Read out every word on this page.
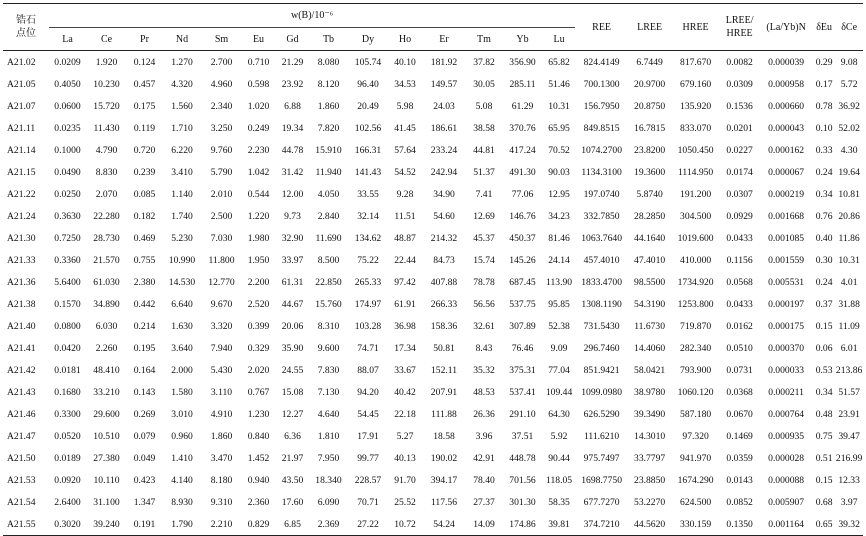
锆石
点位	w(B)/10⁻⁶														REE	LREE	HREE	LREE/
HREE	(La/Yb)N	δEu	δCe
	La	Ce	Pr	Nd	Sm	Eu	Gd	Tb	Dy	Ho	Er	Tm	Yb	Lu							
A21.02	0.0209	1.920	0.124	1.270	2.700	0.710	21.29	8.080	105.74	40.10	181.92	37.82	356.90	65.82	824.4149	6.7449	817.670	0.0082	0.000039	0.29	9.08
A21.05	0.4050	10.230	0.457	4.320	4.960	0.598	23.92	8.120	96.40	34.53	149.57	30.05	285.11	51.46	700.1300	20.9700	679.160	0.0309	0.000958	0.17	5.72
A21.07	0.0600	15.720	0.175	1.560	2.340	1.020	6.88	1.860	20.49	5.98	24.03	5.08	61.29	10.31	156.7950	20.8750	135.920	0.1536	0.000660	0.78	36.92
A21.11	0.0235	11.430	0.119	1.710	3.250	0.249	19.34	7.820	102.56	41.45	186.61	38.58	370.76	65.95	849.8515	16.7815	833.070	0.0201	0.000043	0.10	52.02
A21.14	0.1000	4.790	0.720	6.220	9.760	2.230	44.78	15.910	166.31	57.64	233.24	44.81	417.24	70.52	1074.2700	23.8200	1050.450	0.0227	0.000162	0.33	4.30
A21.15	0.0490	8.830	0.239	3.410	5.790	1.042	31.42	11.940	141.43	54.52	242.94	51.37	491.30	90.03	1134.3100	19.3600	1114.950	0.0174	0.000067	0.24	19.64
A21.22	0.0250	2.070	0.085	1.140	2.010	0.544	12.00	4.050	33.55	9.28	34.90	7.41	77.06	12.95	197.0740	5.8740	191.200	0.0307	0.000219	0.34	10.81
A21.24	0.3630	22.280	0.182	1.740	2.500	1.220	9.73	2.840	32.14	11.51	54.60	12.69	146.76	34.23	332.7850	28.2850	304.500	0.0929	0.001668	0.76	20.86
A21.30	0.7250	28.730	0.469	5.230	7.030	1.980	32.90	11.690	134.62	48.87	214.32	45.37	450.37	81.46	1063.7640	44.1640	1019.600	0.0433	0.001085	0.40	11.86
A21.33	0.3360	21.570	0.755	10.990	11.800	1.950	33.97	8.500	75.22	22.44	84.73	15.74	145.26	24.14	457.4010	47.4010	410.000	0.1156	0.001559	0.30	10.31
A21.36	5.6400	61.030	2.380	14.530	12.770	2.200	61.31	22.850	265.33	97.42	407.88	78.78	687.45	113.90	1833.4700	98.5500	1734.920	0.0568	0.005531	0.24	4.01
A21.38	0.1570	34.890	0.442	6.640	9.670	2.520	44.67	15.760	174.97	61.91	266.33	56.56	537.75	95.85	1308.1190	54.3190	1253.800	0.0433	0.000197	0.37	31.88
A21.40	0.0800	6.030	0.214	1.630	3.320	0.399	20.06	8.310	103.28	36.98	158.36	32.61	307.89	52.38	731.5430	11.6730	719.870	0.0162	0.000175	0.15	11.09
A21.41	0.0420	2.260	0.195	3.640	7.940	0.329	35.90	9.600	74.71	17.34	50.81	8.43	76.46	9.09	296.7460	14.4060	282.340	0.0510	0.000370	0.06	6.01
A21.42	0.0181	48.410	0.164	2.000	5.430	2.020	24.55	7.830	88.07	33.67	152.11	35.32	375.31	77.04	851.9421	58.0421	793.900	0.0731	0.000033	0.53	213.86
A21.43	0.1680	33.210	0.143	1.580	3.110	0.767	15.08	7.130	94.20	40.42	207.91	48.53	537.41	109.44	1099.0980	38.9780	1060.120	0.0368	0.000211	0.34	51.57
A21.46	0.3300	29.600	0.269	3.010	4.910	1.230	12.27	4.640	54.45	22.18	111.88	26.36	291.10	64.30	626.5290	39.3490	587.180	0.0670	0.000764	0.48	23.91
A21.47	0.0520	10.510	0.079	0.960	1.860	0.840	6.36	1.810	17.91	5.27	18.58	3.96	37.51	5.92	111.6210	14.3010	97.320	0.1469	0.000935	0.75	39.47
A21.50	0.0189	27.380	0.049	1.410	3.470	1.452	21.97	7.950	99.77	40.13	190.02	42.91	448.78	90.44	975.7497	33.7797	941.970	0.0359	0.000028	0.51	216.99
A21.53	0.0920	10.110	0.423	4.140	8.180	0.940	43.50	18.340	228.57	91.70	394.17	78.40	701.56	118.05	1698.7750	23.8850	1674.290	0.0143	0.000088	0.15	12.33
A21.54	2.6400	31.100	1.347	8.930	9.310	2.360	17.60	6.090	70.71	25.52	117.56	27.37	301.30	58.35	677.7270	53.2270	624.500	0.0852	0.005907	0.68	3.97
A21.55	0.3020	39.240	0.191	1.790	2.210	0.829	6.85	2.369	27.22	10.72	54.24	14.09	174.86	39.81	374.7210	44.5620	330.159	0.1350	0.001164	0.65	39.32
